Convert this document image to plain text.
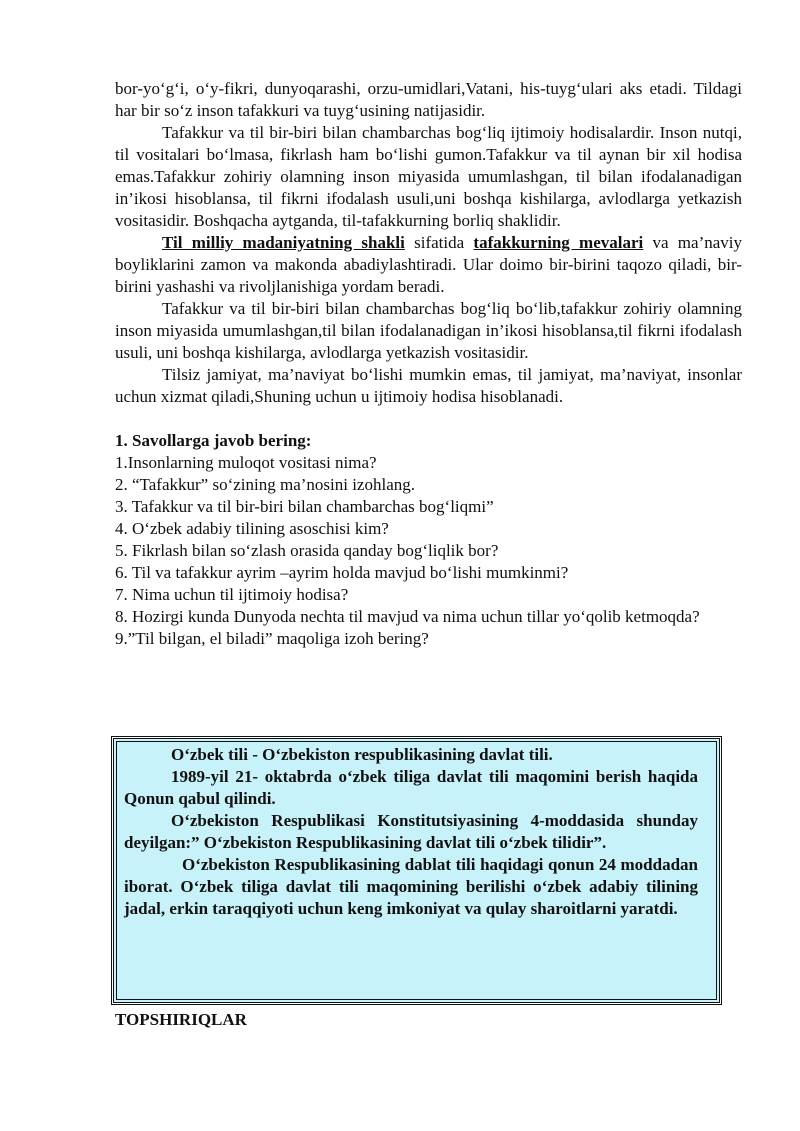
bor-yo‘g‘i, o‘y-fikri, dunyoqarashi, orzu-umidlari,Vatani, his-tuyg‘ulari aks etadi. Tildagi har bir so‘z inson tafakkuri va tuyg‘usining natijasidir.

Tafakkur va til bir-biri bilan chambarchas bog‘liq ijtimoiy hodisalardir. Inson nutqi, til vositalari bo‘lmasa, fikrlash ham bo‘lishi gumon.Tafakkur va til aynan bir xil hodisa emas.Tafakkur zohiriy olamning inson miyasida umumlashgan, til bilan ifodalanadigan in’ikosi hisoblansa, til fikrni ifodalash usuli,uni boshqa kishilarga, avlodlarga yetkazish vositasidir. Boshqacha aytganda, til-tafakkurning borliq shaklidir.

Til milliy madaniyatning shakli sifatida tafakkurning mevalari va ma’naviy boyliklarini zamon va makonda abadiylashtiradi. Ular doimo bir-birini taqozo qiladi, bir-birini yashashi va rivoljlanishiga yordam beradi.

Tafakkur va til bir-biri bilan chambarchas bog‘liq bo‘lib,tafakkur zohiriy olamning inson miyasida umumlashgan,til bilan ifodalanadigan in’ikosi hisoblansa,til fikrni ifodalash usuli, uni boshqa kishilarga, avlodlarga yetkazish vositasidir.

Tilsiz jamiyat, ma’naviyat bo‘lishi mumkin emas, til jamiyat, ma’naviyat, insonlar uchun xizmat qiladi,Shuning uchun u ijtimoiy hodisa hisoblanadi.

1. Savollarga javob bering:

1.Insonlarning muloqot vositasi nima?
2. “Tafakkur” so‘zining ma’nosini izohlang.
3. Tafakkur va til bir-biri bilan chambarchas bog‘liqmi”
4. O‘zbek adabiy tilining asoschisi kim?
5. Fikrlash bilan so‘zlash orasida qanday bog‘liqlik bor?
6. Til va tafakkur ayrim –ayrim holda mavjud bo‘lishi mumkinmi?
7. Nima uchun til ijtimoiy hodisa?
8. Hozirgi kunda Dunyoda nechta til mavjud va nima uchun tillar yo‘qolib ketmoqda?
9.”Til bilgan, el biladi” maqoliga izoh bering?

O‘zbek tili - O‘zbekiston respublikasining davlat tili.

1989-yil 21- oktabrda o‘zbek tiliga davlat tili maqomini berish haqida Qonun qabul qilindi.

O‘zbekiston Respublikasi Konstitutsiyasining 4-moddasida shunday deyilgan:” O‘zbekiston Respublikasining davlat tili o‘zbek tilidir”.

O‘zbekiston Respublikasining dablat tili haqidagi qonun 24 moddadan iborat. O‘zbek tiliga davlat tili maqomining berilishi o‘zbek adabiy tilining jadal, erkin taraqqiyoti uchun keng imkoniyat va qulay sharoitlarni yaratdi.

TOPSHIRIQLAR
